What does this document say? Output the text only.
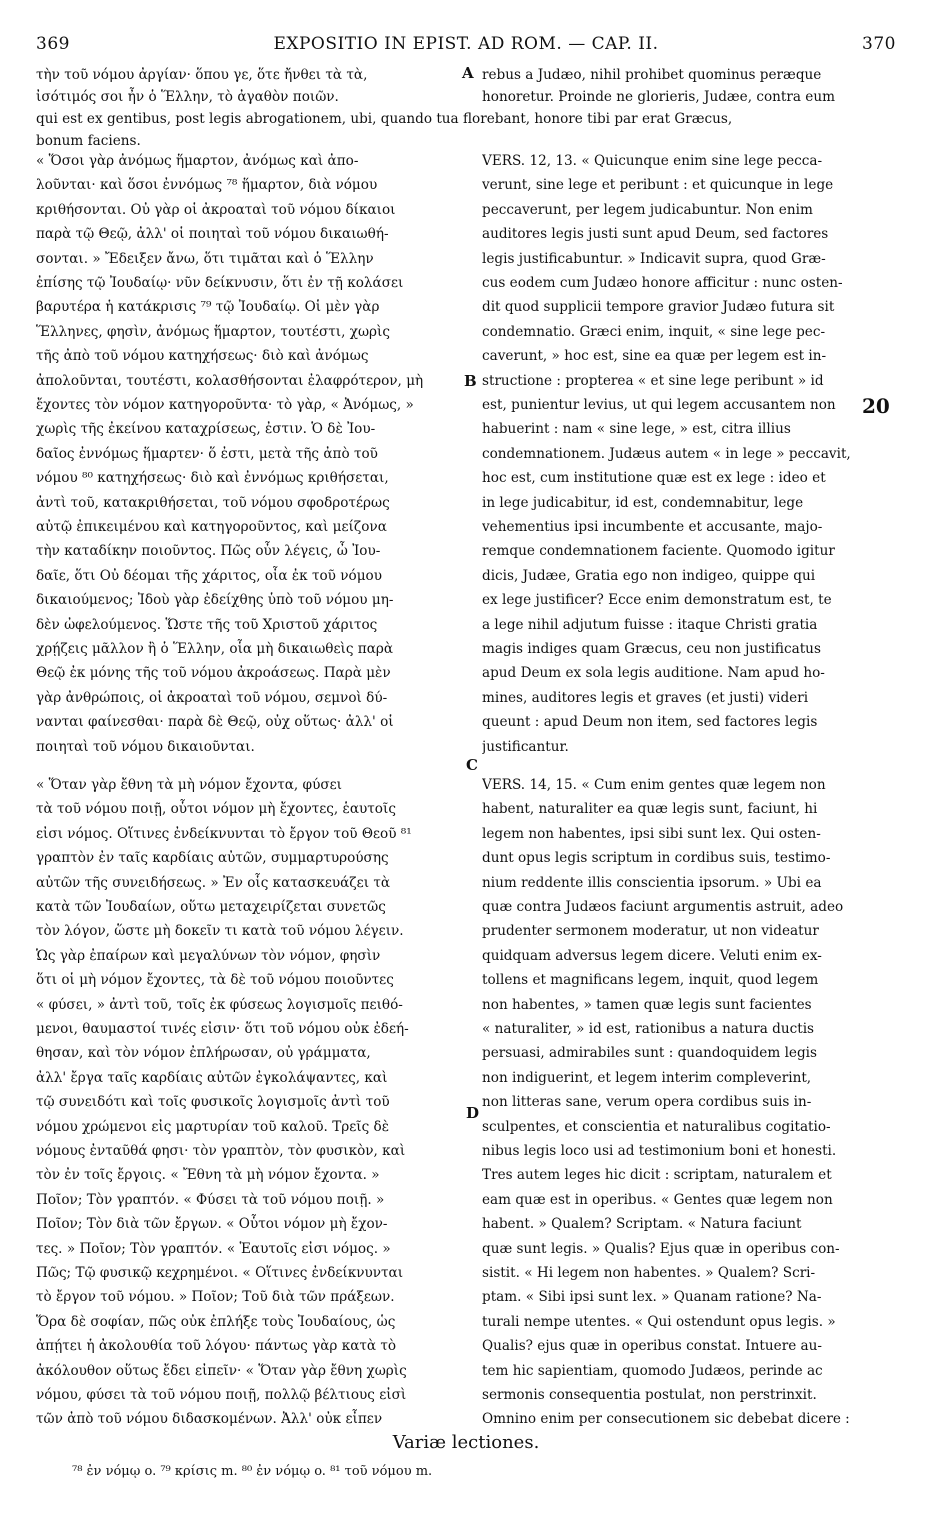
369	EXPOSITIO IN EPIST. AD ROM. — CAP. II.	370
τὴν τοῦ νόμου ἀργίαν· ὅπου γε, ὅτε ἤνθει τὰ τὰ,
ἰσότιμός σοι ἦν ὁ Ἕλλην, τὸ ἀγαθὸν ποιῶν.
rebus a Judæo, nihil prohibet quominus peræque
honoretur. Proinde ne glorieris, Judæe, contra eum
qui est ex gentibus, post legis abrogationem, ubi, quando tua florebant, honore tibi par erat Græcus,
bonum faciens.
A
B
C
D
20
« Ὅσοι γὰρ ἀνόμως ἥμαρτον, ἀνόμως καὶ ἀπο-
λοῦνται· καὶ ὅσοι ἐννόμως ⁷⁸ ἥμαρτον, διὰ νόμου
κριθήσονται. Οὐ γὰρ οἱ ἀκροαταὶ τοῦ νόμου δίκαιοι
παρὰ τῷ Θεῷ, ἀλλ' οἱ ποιηταὶ τοῦ νόμου δικαιωθή-
σονται. » Ἔδειξεν ἄνω, ὅτι τιμᾶται καὶ ὁ Ἕλλην
ἐπίσης τῷ Ἰουδαίῳ· νῦν δείκνυσιν, ὅτι ἐν τῇ κολάσει
βαρυτέρα ἡ κατάκρισις ⁷⁹ τῷ Ἰουδαίῳ. Οἱ μὲν γὰρ
Ἕλληνες, φησὶν, ἀνόμως ἥμαρτον, τουτέστι, χωρὶς
τῆς ἀπὸ τοῦ νόμου κατηχήσεως· διὸ καὶ ἀνόμως
ἀπολοῦνται, τουτέστι, κολασθήσονται ἐλαφρότερον, μὴ
ἔχοντες τὸν νόμον κατηγοροῦντα· τὸ γὰρ, « Ἀνόμως, »
χωρὶς τῆς ἐκείνου καταχρίσεως, ἐστιν. Ὁ δὲ Ἰου-
δαῖος ἐννόμως ἥμαρτεν· ὅ ἐστι, μετὰ τῆς ἀπὸ τοῦ
νόμου ⁸⁰ κατηχήσεως· διὸ καὶ ἐννόμως κριθήσεται,
ἀντὶ τοῦ, κατακριθήσεται, τοῦ νόμου σφοδροτέρως
αὐτῷ ἐπικειμένου καὶ κατηγοροῦντος, καὶ μείζονα
τὴν καταδίκην ποιοῦντος. Πῶς οὖν λέγεις, ὦ Ἰου-
δαῖε, ὅτι Οὐ δέομαι τῆς χάριτος, οἷα ἐκ τοῦ νόμου
δικαιούμενος; Ἰδοὺ γὰρ ἐδείχθης ὑπὸ τοῦ νόμου μη-
δὲν ὠφελούμενος. Ὥστε τῆς τοῦ Χριστοῦ χάριτος
χρῄζεις μᾶλλον ἢ ὁ Ἕλλην, οἷα μὴ δικαιωθεὶς παρὰ
Θεῷ ἐκ μόνης τῆς τοῦ νόμου ἀκροάσεως. Παρὰ μὲν
γὰρ ἀνθρώποις, οἱ ἀκροαταὶ τοῦ νόμου, σεμνοὶ δύ-
νανται φαίνεσθαι· παρὰ δὲ Θεῷ, οὐχ οὕτως· ἀλλ' οἱ
ποιηταὶ τοῦ νόμου δικαιοῦνται.
« Ὅταν γὰρ ἔθνη τὰ μὴ νόμον ἔχοντα, φύσει
τὰ τοῦ νόμου ποιῇ, οὗτοι νόμον μὴ ἔχοντες, ἑαυτοῖς
εἰσι νόμος. Οἵτινες ἐνδείκνυνται τὸ ἔργον τοῦ Θεοῦ ⁸¹
γραπτὸν ἐν ταῖς καρδίαις αὐτῶν, συμμαρτυρούσης
αὐτῶν τῆς συνειδήσεως. » Ἐν οἷς κατασκευάζει τὰ
κατὰ τῶν Ἰουδαίων, οὕτω μεταχειρίζεται συνετῶς
τὸν λόγον, ὥστε μὴ δοκεῖν τι κατὰ τοῦ νόμου λέγειν.
Ὡς γὰρ ἐπαίρων καὶ μεγαλύνων τὸν νόμον, φησὶν
ὅτι οἱ μὴ νόμον ἔχοντες, τὰ δὲ τοῦ νόμου ποιοῦντες
« φύσει, » ἀντὶ τοῦ, τοῖς ἐκ φύσεως λογισμοῖς πειθό-
μενοι, θαυμαστοί τινές εἰσιν· ὅτι τοῦ νόμου οὐκ ἐδεή-
θησαν, καὶ τὸν νόμον ἐπλήρωσαν, οὐ γράμματα,
ἀλλ' ἔργα ταῖς καρδίαις αὐτῶν ἐγκολάψαντες, καὶ
τῷ συνειδότι καὶ τοῖς φυσικοῖς λογισμοῖς ἀντὶ τοῦ
νόμου χρώμενοι εἰς μαρτυρίαν τοῦ καλοῦ. Τρεῖς δὲ
νόμους ἐνταῦθά φησι· τὸν γραπτὸν, τὸν φυσικὸν, καὶ
τὸν ἐν τοῖς ἔργοις. « Ἔθνη τὰ μὴ νόμον ἔχοντα. »
Ποῖον; Τὸν γραπτόν. « Φύσει τὰ τοῦ νόμου ποιῇ. »
Ποῖον; Τὸν διὰ τῶν ἔργων. « Οὗτοι νόμον μὴ ἔχον-
τες. » Ποῖον; Τὸν γραπτόν. « Ἑαυτοῖς εἰσι νόμος. »
Πῶς; Τῷ φυσικῷ κεχρημένοι. « Οἵτινες ἐνδείκνυνται
τὸ ἔργον τοῦ νόμου. » Ποῖον; Τοῦ διὰ τῶν πράξεων.
Ὅρα δὲ σοφίαν, πῶς οὐκ ἐπλήξε τοὺς Ἰουδαίους, ὡς
ἀπῄτει ἡ ἀκολουθία τοῦ λόγου· πάντως γὰρ κατὰ τὸ
ἀκόλουθον οὕτως ἔδει εἰπεῖν· « Ὅταν γὰρ ἔθνη χωρὶς
νόμου, φύσει τὰ τοῦ νόμου ποιῇ, πολλῷ βέλτιους εἰσὶ
τῶν ἀπὸ τοῦ νόμου διδασκομένων. Ἀλλ' οὐκ εἶπεν
VERS. 12, 13. « Quicunque enim sine lege pecca-
verunt, sine lege et peribunt : et quicunque in lege
peccaverunt, per legem judicabuntur. Non enim
auditores legis justi sunt apud Deum, sed factores
legis justificabuntur. » Indicavit supra, quod Græ-
cus eodem cum Judæo honore afficitur : nunc osten-
dit quod supplicii tempore gravior Judæo futura sit
condemnatio. Græci enim, inquit, « sine lege pec-
caverunt, » hoc est, sine ea quæ per legem est in-
structione : propterea « et sine lege peribunt » id
est, punientur levius, ut qui legem accusantem non
habuerint : nam « sine lege, » est, citra illius
condemnationem. Judæus autem « in lege » peccavit,
hoc est, cum institutione quæ est ex lege : ideo et
in lege judicabitur, id est, condemnabitur, lege
vehementius ipsi incumbente et accusante, majo-
remque condemnationem faciente. Quomodo igitur
dicis, Judæe, Gratia ego non indigeo, quippe qui
ex lege justificer? Ecce enim demonstratum est, te
a lege nihil adjutum fuisse : itaque Christi gratia
magis indiges quam Græcus, ceu non justificatus
apud Deum ex sola legis auditione. Nam apud ho-
mines, auditores legis et graves (et justi) videri
queunt : apud Deum non item, sed factores legis
justificantur.
VERS. 14, 15. « Cum enim gentes quæ legem non
habent, naturaliter ea quæ legis sunt, faciunt, hi
legem non habentes, ipsi sibi sunt lex. Qui osten-
dunt opus legis scriptum in cordibus suis, testimo-
nium reddente illis conscientia ipsorum. » Ubi ea
quæ contra Judæos faciunt argumentis astruit, adeo
prudenter sermonem moderatur, ut non videatur
quidquam adversus legem dicere. Veluti enim ex-
tollens et magnificans legem, inquit, quod legem
non habentes, » tamen quæ legis sunt facientes
« naturaliter, » id est, rationibus a natura ductis
persuasi, admirabiles sunt : quandoquidem legis
non indiguerint, et legem interim compleverint,
non litteras sane, verum opera cordibus suis in-
sculpentes, et conscientia et naturalibus cogitatio-
nibus legis loco usi ad testimonium boni et honesti.
Tres autem leges hic dicit : scriptam, naturalem et
eam quæ est in operibus. « Gentes quæ legem non
habent. » Qualem? Scriptam. « Natura faciunt
quæ sunt legis. » Qualis? Ejus quæ in operibus con-
sistit. « Hi legem non habentes. » Qualem? Scri-
ptam. « Sibi ipsi sunt lex. » Quanam ratione? Na-
turali nempe utentes. « Qui ostendunt opus legis. »
Qualis? ejus quæ in operibus constat. Intuere au-
tem hic sapientiam, quomodo Judæos, perinde ac
sermonis consequentia postulat, non perstrinxit.
Omnino enim per consecutionem sic debebat dicere :
Variæ lectiones.
⁷⁸ ἐν νόμῳ o. ⁷⁹ κρίσις m. ⁸⁰ ἐν νόμῳ o. ⁸¹ τοῦ νόμου m.
